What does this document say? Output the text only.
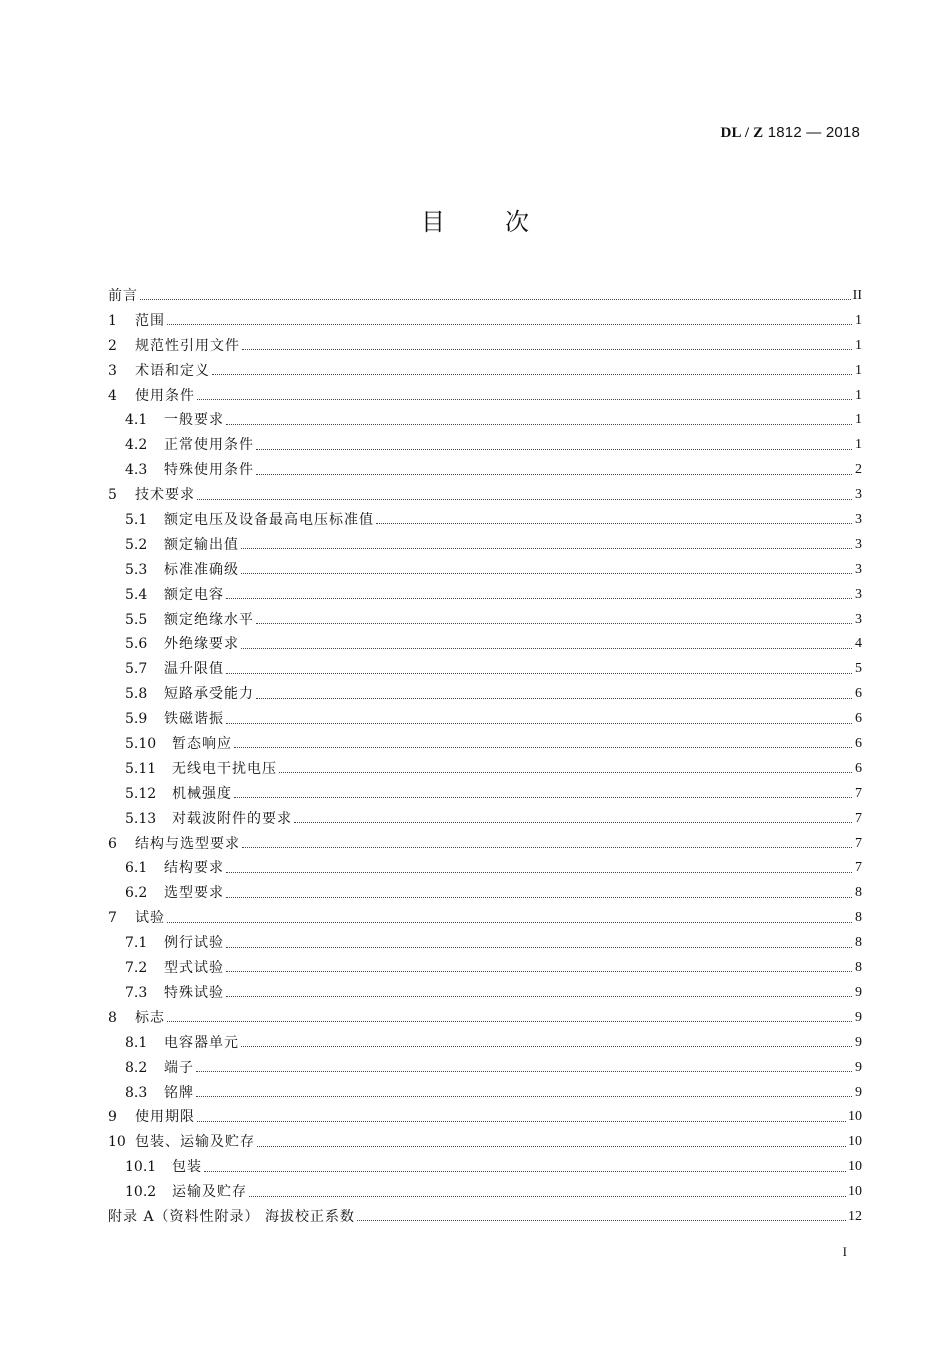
DL / Z 1812 — 2018
目次
前言	II
1	范围	1
2	规范性引用文件	1
3	术语和定义	1
4	使用条件	1
4.1	一般要求	1
4.2	正常使用条件	1
4.3	特殊使用条件	2
5	技术要求	3
5.1	额定电压及设备最高电压标准值	3
5.2	额定输出值	3
5.3	标准准确级	3
5.4	额定电容	3
5.5	额定绝缘水平	3
5.6	外绝缘要求	4
5.7	温升限值	5
5.8	短路承受能力	6
5.9	铁磁谐振	6
5.10	暂态响应	6
5.11	无线电干扰电压	6
5.12	机械强度	7
5.13	对载波附件的要求	7
6	结构与选型要求	7
6.1	结构要求	7
6.2	选型要求	8
7	试验	8
7.1	例行试验	8
7.2	型式试验	8
7.3	特殊试验	9
8	标志	9
8.1	电容器单元	9
8.2	端子	9
8.3	铭牌	9
9	使用期限	10
10 包装、运输及贮存	10
10.1	包装	10
10.2	运输及贮存	10
附录 A（资料性附录） 海拔校正系数	12
I
